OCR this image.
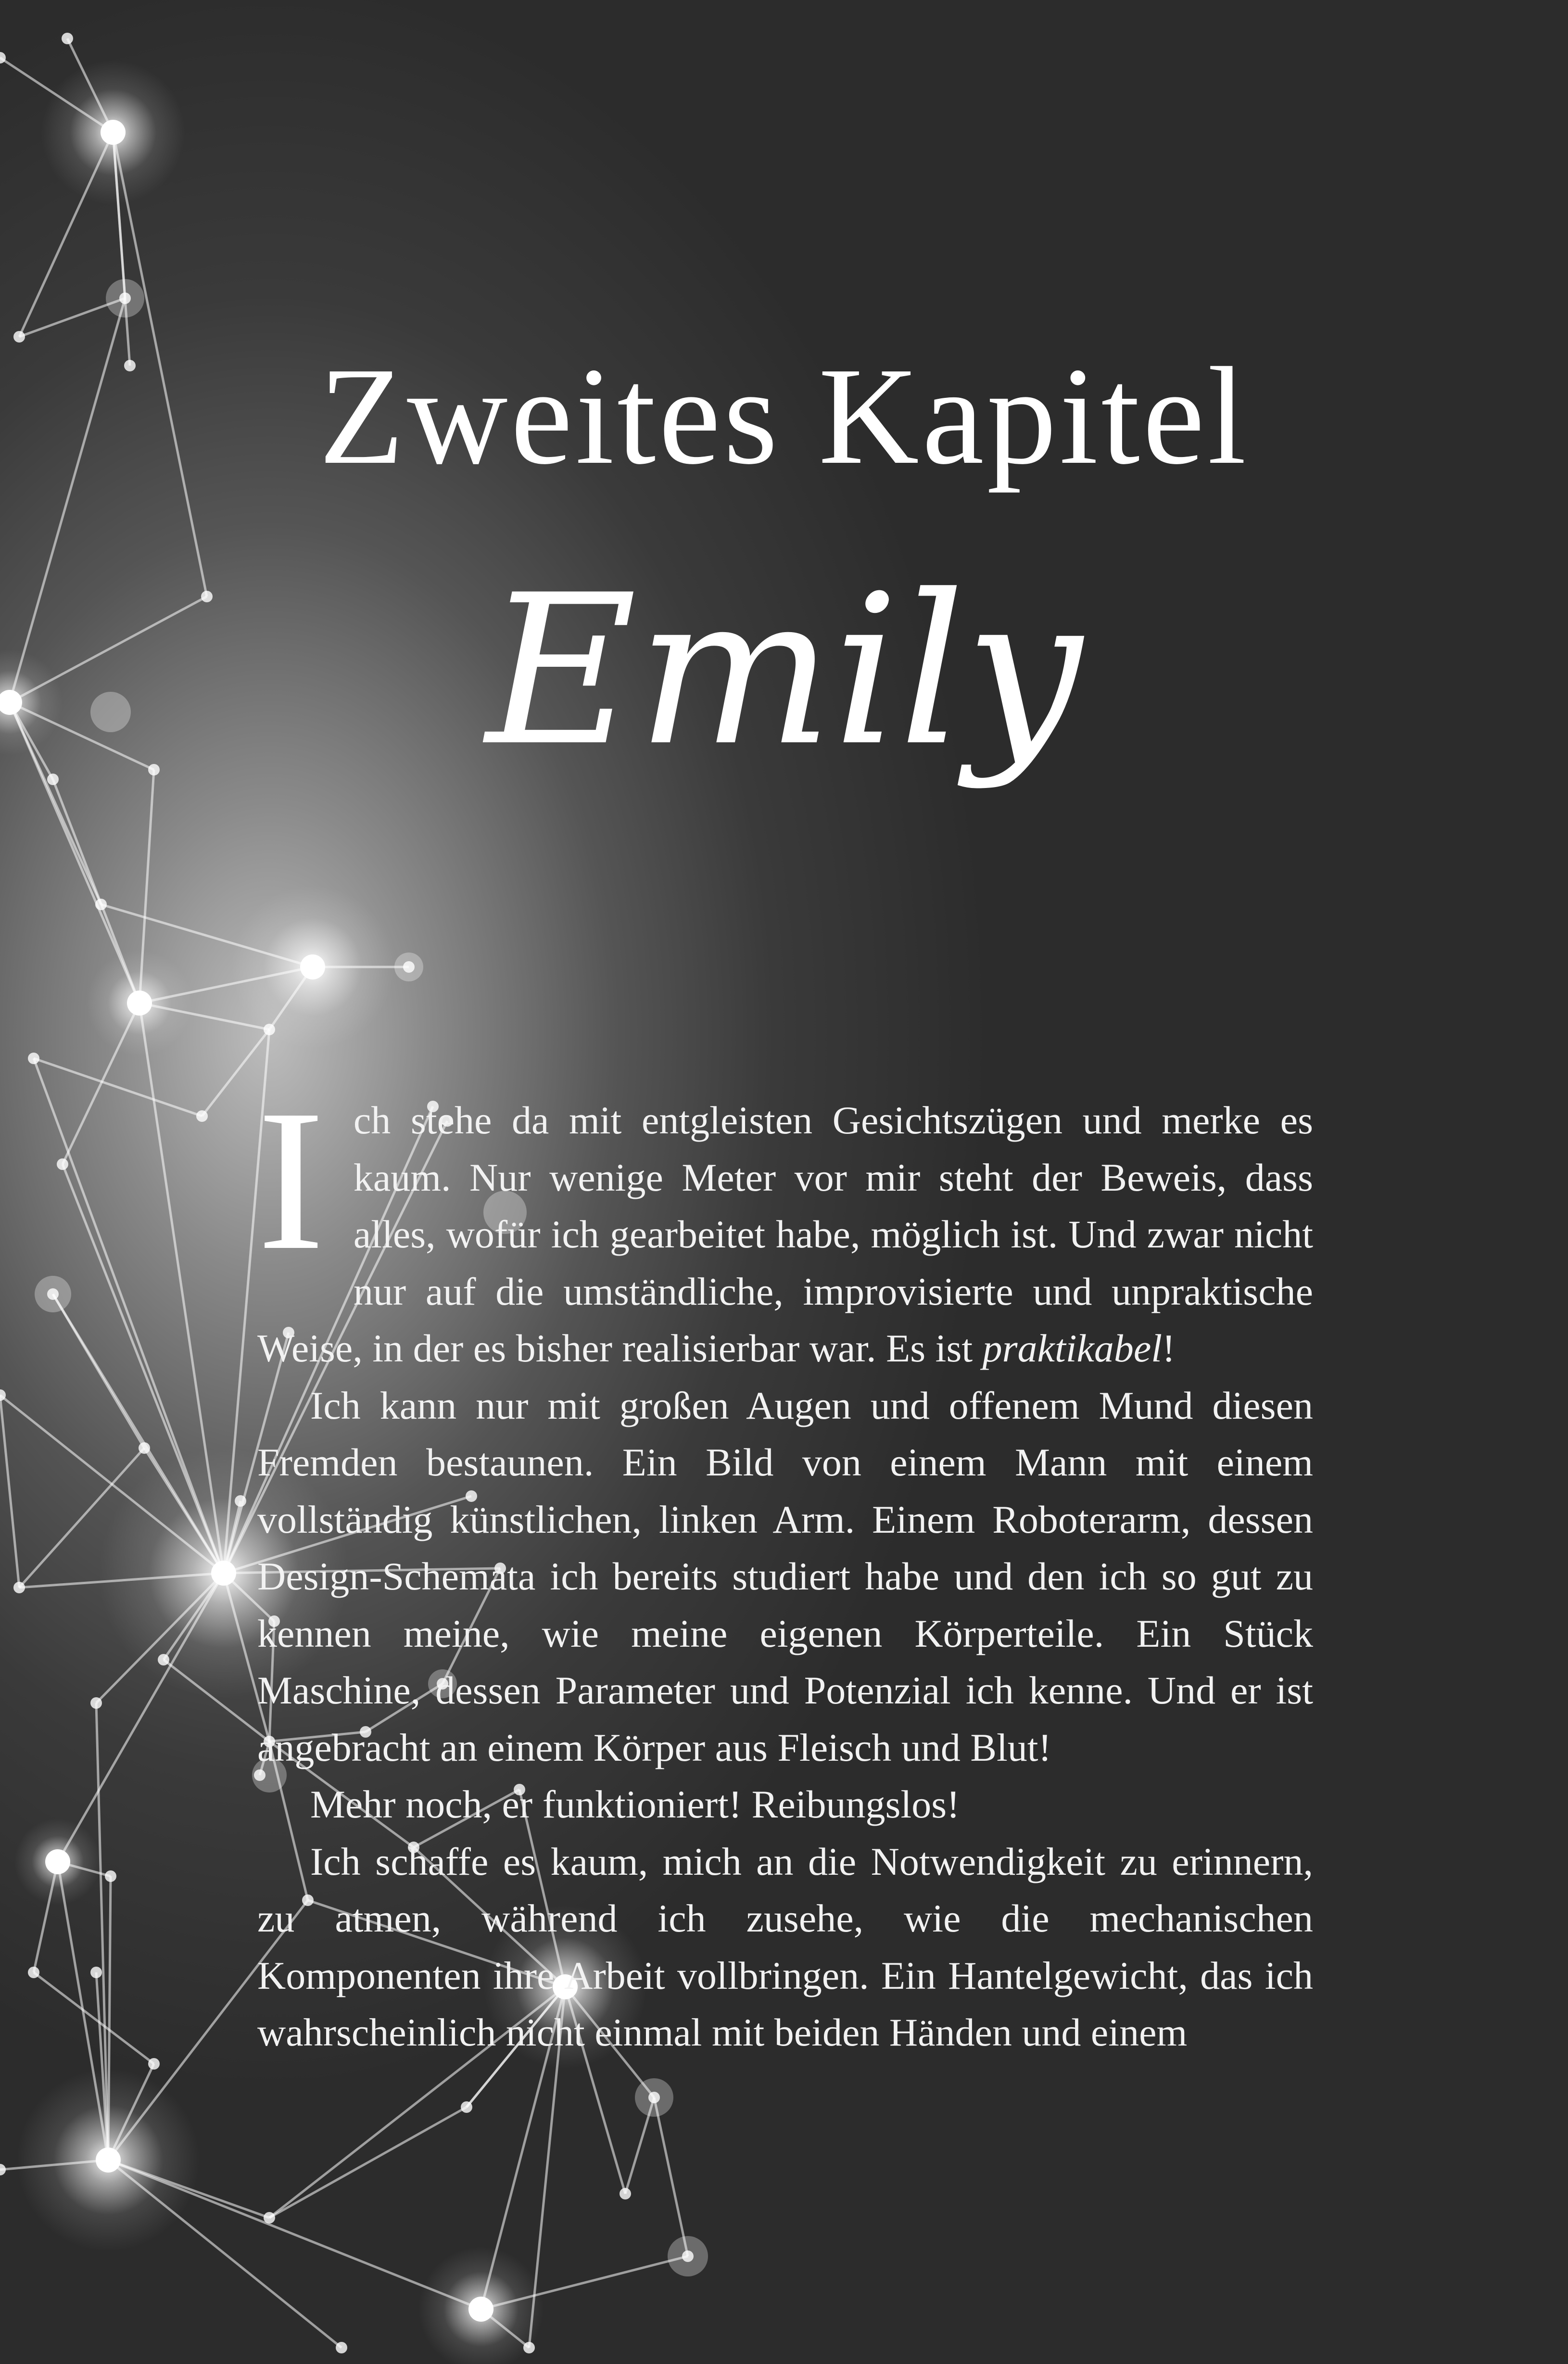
Zweites Kapitel
Emily

Ich stehe da mit entgleisten Gesichtszügen und merke es kaum. Nur wenige Meter vor mir steht der Beweis, dass alles, wofür ich gearbeitet habe, möglich ist. Und zwar nicht nur auf die umständliche, improvisierte und unpraktische Weise, in der es bisher realisierbar war. Es ist praktikabel!

Ich kann nur mit großen Augen und offenem Mund diesen Fremden bestaunen. Ein Bild von einem Mann mit einem vollständig künstlichen, linken Arm. Einem Roboterarm, dessen Design-Schemata ich bereits studiert habe und den ich so gut zu kennen meine, wie meine eigenen Körperteile. Ein Stück Maschine, dessen Parameter und Potenzial ich kenne. Und er ist angebracht an einem Körper aus Fleisch und Blut!

Mehr noch, er funktioniert! Reibungslos!

Ich schaffe es kaum, mich an die Notwendigkeit zu erinnern, zu atmen, während ich zusehe, wie die mechanischen Komponenten ihre Arbeit vollbringen. Ein Hantelgewicht, das ich wahrscheinlich nicht einmal mit beiden Händen und einem
